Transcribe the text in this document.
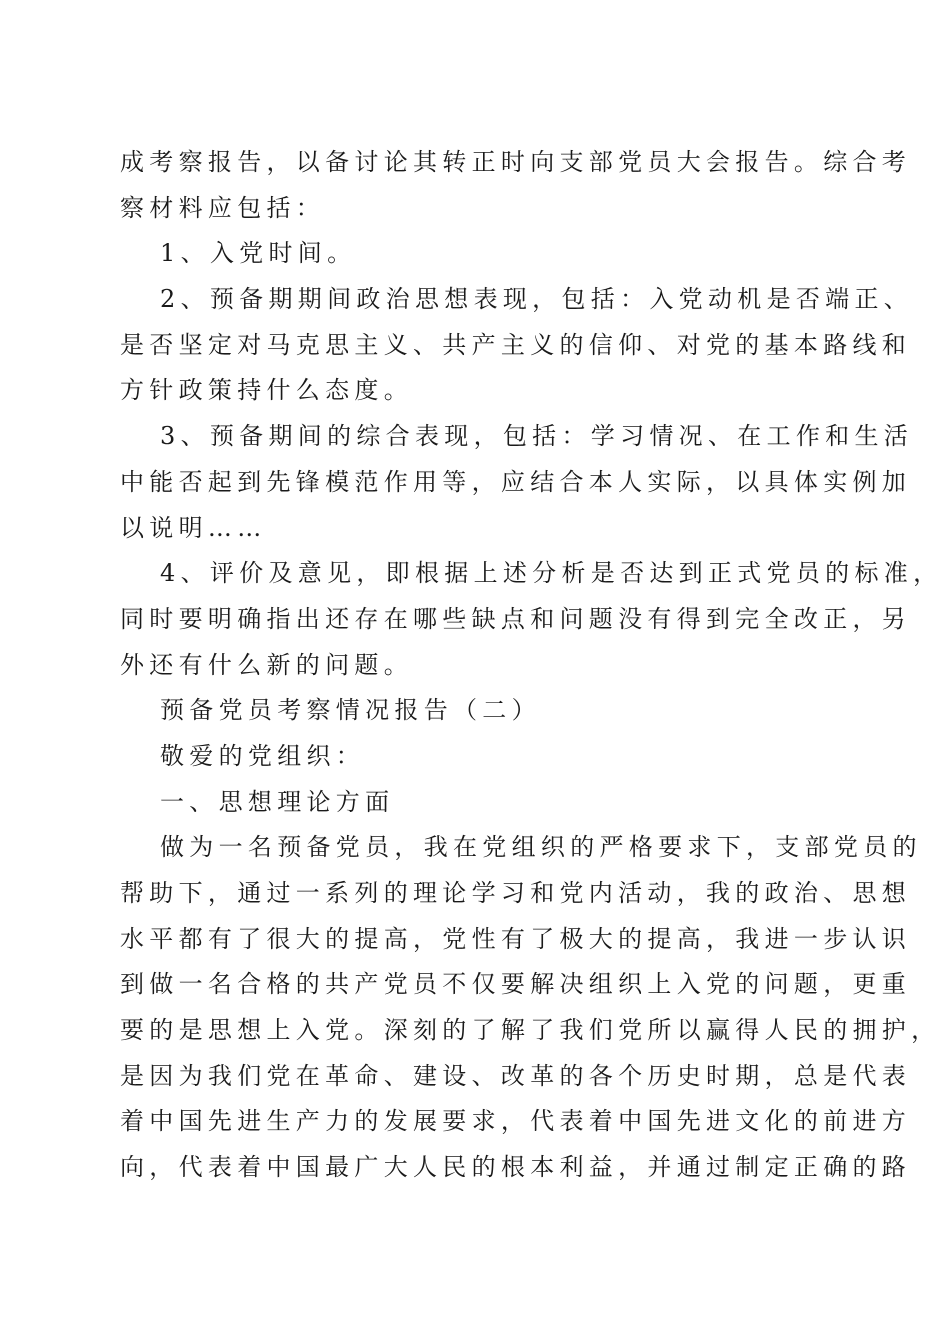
成考察报告，以备讨论其转正时向支部党员大会报告。综合考
察材料应包括：
1、入党时间。
2、预备期期间政治思想表现，包括：入党动机是否端正、
是否坚定对马克思主义、共产主义的信仰、对党的基本路线和
方针政策持什么态度。
3、预备期间的综合表现，包括：学习情况、在工作和生活
中能否起到先锋模范作用等，应结合本人实际，以具体实例加
以说明……
4、评价及意见，即根据上述分析是否达到正式党员的标准，
同时要明确指出还存在哪些缺点和问题没有得到完全改正，另
外还有什么新的问题。
预备党员考察情况报告（二）
敬爱的党组织：
一、思想理论方面
做为一名预备党员，我在党组织的严格要求下，支部党员的
帮助下，通过一系列的理论学习和党内活动，我的政治、思想
水平都有了很大的提高，党性有了极大的提高，我进一步认识
到做一名合格的共产党员不仅要解决组织上入党的问题，更重
要的是思想上入党。深刻的了解了我们党所以赢得人民的拥护，
是因为我们党在革命、建设、改革的各个历史时期，总是代表
着中国先进生产力的发展要求，代表着中国先进文化的前进方
向，代表着中国最广大人民的根本利益，并通过制定正确的路
